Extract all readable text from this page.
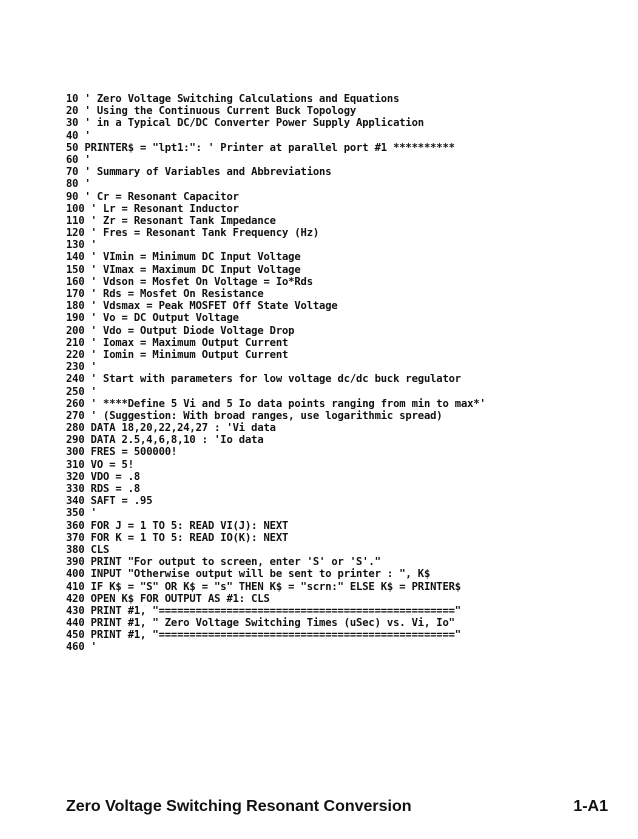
10 ' Zero Voltage Switching Calculations and Equations
20 ' Using the Continuous Current Buck Topology
30 ' in a Typical DC/DC Converter Power Supply Application
40 '
50 PRINTER$ = "lpt1:": ' Printer at parallel port #1 **********
60 '
70 ' Summary of Variables and Abbreviations
80 '
90 ' Cr = Resonant Capacitor
100 ' Lr = Resonant Inductor
110 ' Zr = Resonant Tank Impedance
120 ' Fres = Resonant Tank Frequency (Hz)
130 '
140 ' VImin = Minimum DC Input Voltage
150 ' VImax = Maximum DC Input Voltage
160 ' Vdson = Mosfet On Voltage = Io*Rds
170 ' Rds = Mosfet On Resistance
180 ' Vdsmax = Peak MOSFET Off State Voltage
190 ' Vo = DC Output Voltage
200 ' Vdo = Output Diode Voltage Drop
210 ' Iomax = Maximum Output Current
220 ' Iomin = Minimum Output Current
230 '
240 ' Start with parameters for low voltage dc/dc buck regulator
250 '
260 ' ****Define 5 Vi and 5 Io data points ranging from min to max*'
270 ' (Suggestion: With broad ranges, use logarithmic spread)
280 DATA 18,20,22,24,27 : 'Vi data
290 DATA 2.5,4,6,8,10 : 'Io data
300 FRES = 500000!
310 VO = 5!
320 VDO = .8
330 RDS = .8
340 SAFT = .95
350 '
360 FOR J = 1 TO 5: READ VI(J): NEXT
370 FOR K = 1 TO 5: READ IO(K): NEXT
380 CLS
390 PRINT "For output to screen, enter 'S' or 'S'."
400 INPUT "Otherwise output will be sent to printer : ", K$
410 IF K$ = "S" OR K$ = "s" THEN K$ = "scrn:" ELSE K$ = PRINTER$
420 OPEN K$ FOR OUTPUT AS #1: CLS
430 PRINT #1, "================================================"
440 PRINT #1, " Zero Voltage Switching Times (uSec) vs. Vi, Io"
450 PRINT #1, "================================================"
460 '
Zero Voltage Switching Resonant Conversion	1-A1
